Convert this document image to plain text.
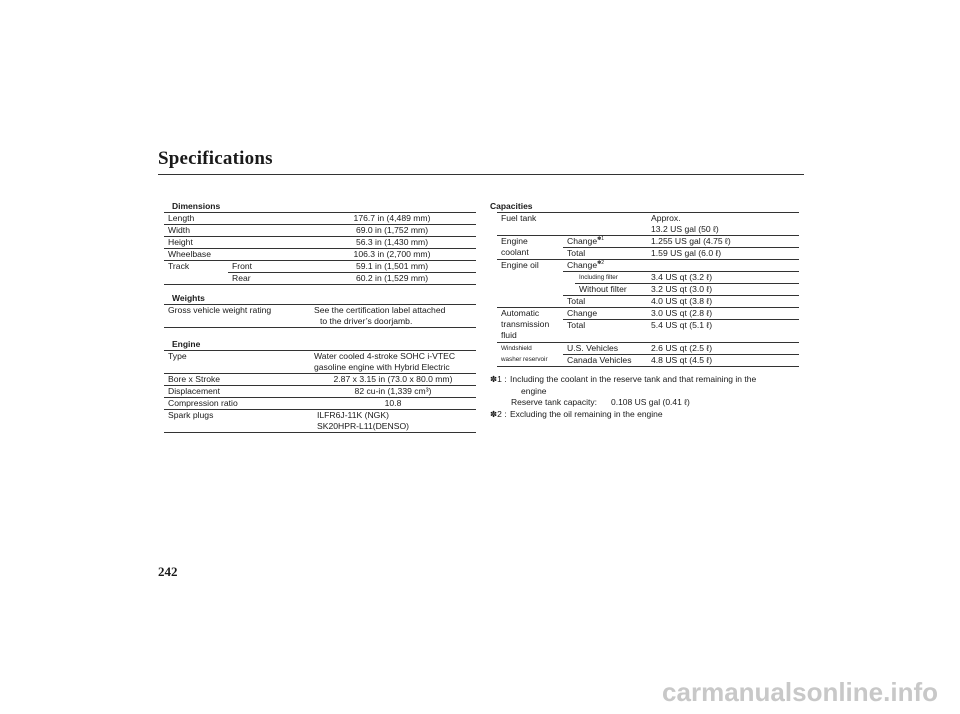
Specifications
Dimensions
Length		176.7 in (4,489 mm)
Width		69.0 in (1,752 mm)
Height		56.3 in (1,430 mm)
Wheelbase		106.3 in (2,700 mm)
Track	Front	59.1 in (1,501 mm)
	Rear	60.2 in (1,529 mm)
Weights
Gross vehicle weight rating	See the certification label attached
to the driver’s doorjamb.
Engine
Type	Water cooled 4-stroke SOHC i-VTEC
gasoline engine with Hybrid Electric

Bore x Stroke	2.87 x 3.15 in (73.0 x 80.0 mm)
Displacement	82 cu-in (1,339 cm³)
Compression ratio	10.8
Spark plugs	ILFR6J-11K (NGK)
SK20HPR-L11(DENSO)
Capacities
Fuel tank			Approx.
13.2 US gal (50 ℓ)

Engine
coolant	Change$^{✽1}$		1.255 US gal (4.75 ℓ)
	Total		1.59 US gal (6.0 ℓ)
Engine oil	Change$^{✽2}$
		Including filter	3.4 US qt (3.2 ℓ)
		Without filter	3.2 US qt (3.0 ℓ)
	Total		4.0 US qt (3.8 ℓ)

Automatic
transmission
fluid	Change		3.0 US qt (2.8 ℓ)
	Total		5.4 US qt (5.1 ℓ)

Windshield
washer reservoir	U.S. Vehicles		2.6 US qt (2.5 ℓ)
	Canada Vehicles		4.8 US qt (4.5 ℓ)
✽1 : Including the coolant in the reserve tank and that remaining in the
engine
Reserve tank capacity: 0.108 US gal (0.41 ℓ)
✽2 : Excluding the oil remaining in the engine
242
carmanualsonline.info
